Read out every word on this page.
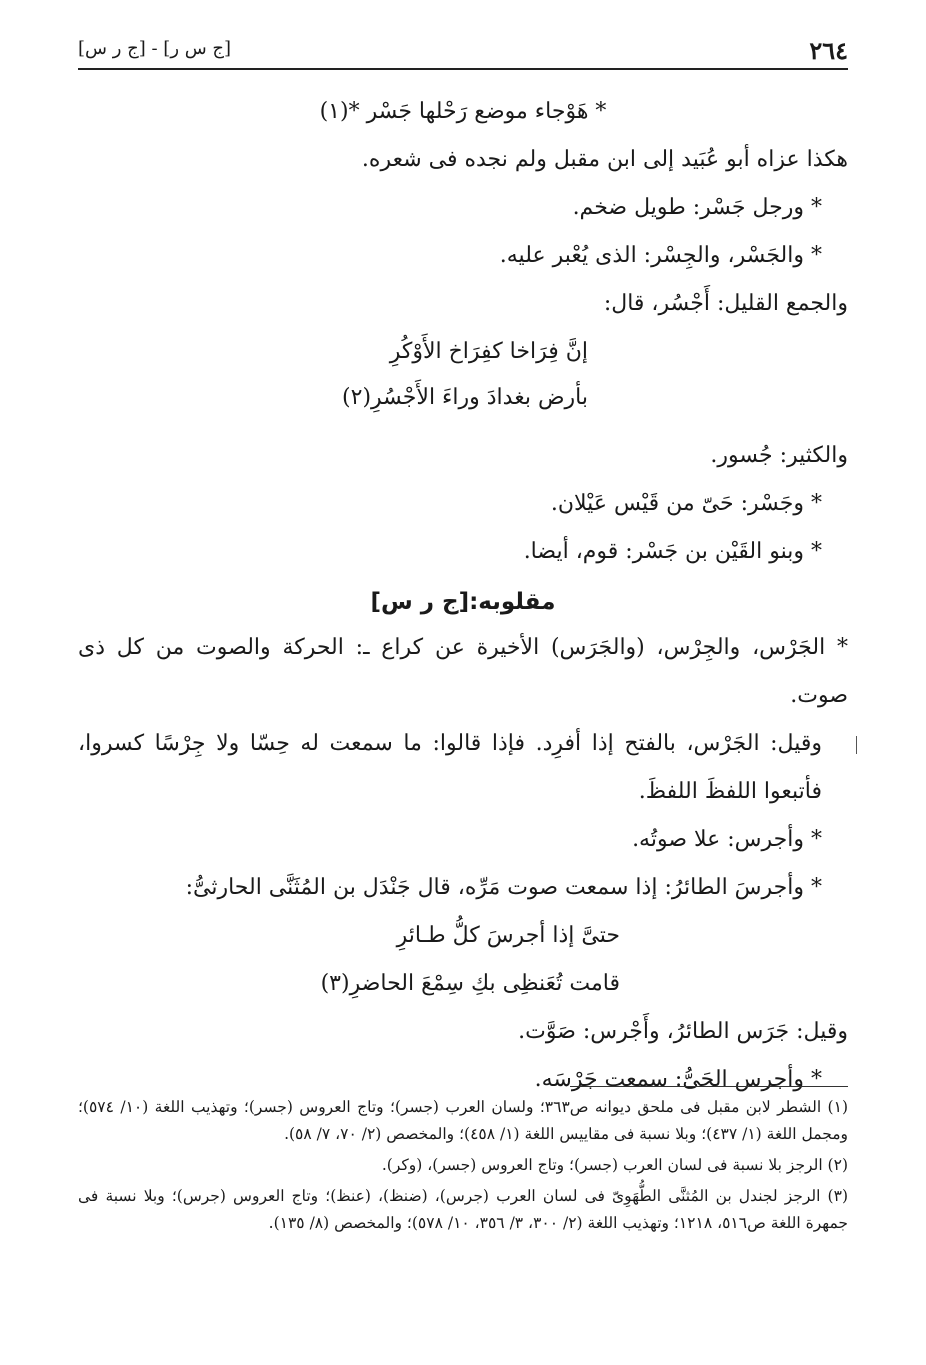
٢٦٤
[ج س ر] - [ج ر س]
* هَوْجاء موضع رَحْلها جَسْر *(١)
هكذا عزاه أبو عُبَيد إلى ابن مقبل ولم نجده فى شعره.
* ورجل جَسْر: طويل ضخم.
* والجَسْر، والجِسْر: الذى يُعْبر عليه.
والجمع القليل: أَجْسُر، قال:
إنَّ فِرَاخا كفِرَاخ الأَوْكُرِ
بأرض بغدادَ وراءَ الأَجْسُرِ(٢)
والكثير: جُسور.
* وجَسْر: حَىّ من قَيْس عَيْلان.
* وبنو القَيْن بن جَسْر: قوم، أيضا.
مقلوبه:[ج ر س]
* الجَرْس، والجِرْس، (والجَرَس) الأخيرة عن كراع ـ: الحركة والصوت من كل ذى صوت.
وقيل: الجَرْس، بالفتح إذا أفرِد. فإذا قالوا: ما سمعت له حِسّا ولا جِرْسًا كسروا، فأتبعوا اللفظَ اللفظَ.
* وأجرس: علا صوتُه.
* وأجرسَ الطائرُ: إذا سمعت صوت مَرِّه، قال جَنْدَل بن المُثَنَّى الحارثىُّ:
حتىَّ إذا أجرسَ كلُّ طـائرِ
قامت تُعَنظِى بكِ سِمْعَ الحاضرِ(٣)
وقيل: جَرَس الطائرُ، وأَجْرس: صَوَّت.
* وأجرس الحَىُّ: سمعت جَرْسَه.

(١) الشطر لابن مقبل فى ملحق ديوانه ص٣٦٣؛ ولسان العرب (جسر)؛ وتاج العروس (جسر)؛ وتهذيب اللغة (١٠/ ٥٧٤)؛ ومجمل اللغة (١/ ٤٣٧)؛ وبلا نسبة فى مقاييس اللغة (١/ ٤٥٨)؛ والمخصص (٢/ ٧٠، ٧/ ٥٨).

(٢) الرجز بلا نسبة فى لسان العرب (جسر)؛ وتاج العروس (جسر)، (وكر).

(٣) الرجز لجندل بن المُثنَّى الطُّهَوِىّ فى لسان العرب (جرس)، (ضنظ)، (عنظ)؛ وتاج العروس (جرس)؛ وبلا نسبة فى جمهرة اللغة ص٥١٦، ١٢١٨؛ وتهذيب اللغة (٢/ ٣٠٠، ٣/ ٣٥٦، ١٠/ ٥٧٨)؛ والمخصص (٨/ ١٣٥).
